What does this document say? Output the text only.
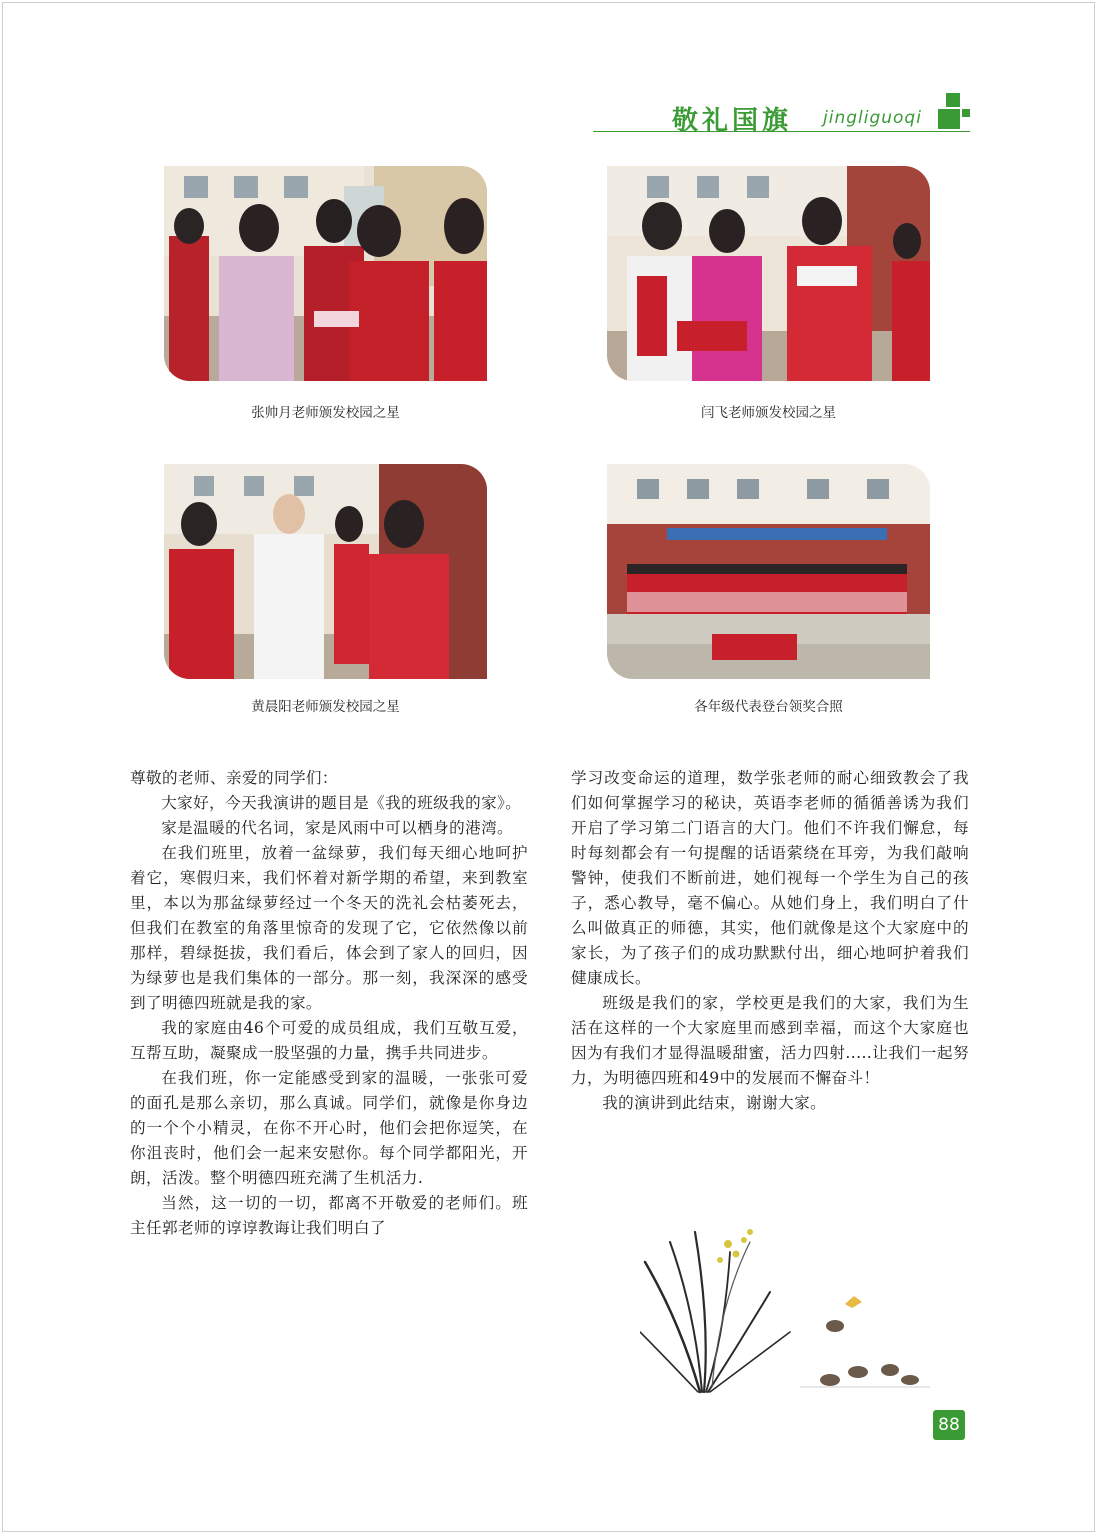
敬礼国旗 jingliguoqi
张帅月老师颁发校园之星	闫飞老师颁发校园之星
黄晨阳老师颁发校园之星	各年级代表登台领奖合照

尊敬的老师、亲爱的同学们：

大家好，今天我演讲的题目是《我的班级我的家》。

家是温暖的代名词，家是风雨中可以栖身的港湾。

在我们班里，放着一盆绿萝，我们每天细心地呵护着它，寒假归来，我们怀着对新学期的希望，来到教室里，本以为那盆绿萝经过一个冬天的洗礼会枯萎死去，但我们在教室的角落里惊奇的发现了它，它依然像以前那样，碧绿挺拔，我们看后，体会到了家人的回归，因为绿萝也是我们集体的一部分。那一刻，我深深的感受到了明德四班就是我的家。

我的家庭由46个可爱的成员组成，我们互敬互爱，互帮互助，凝聚成一股坚强的力量，携手共同进步。

在我们班，你一定能感受到家的温暖，一张张可爱的面孔是那么亲切，那么真诚。同学们，就像是你身边的一个个小精灵，在你不开心时，他们会把你逗笑，在你沮丧时，他们会一起来安慰你。每个同学都阳光，开朗，活泼。整个明德四班充满了生机活力.

当然，这一切的一切，都离不开敬爱的老师们。班主任郭老师的谆谆教诲让我们明白了

学习改变命运的道理，数学张老师的耐心细致教会了我们如何掌握学习的秘诀，英语李老师的循循善诱为我们开启了学习第二门语言的大门。他们不许我们懈怠，每时每刻都会有一句提醒的话语萦绕在耳旁，为我们敲响警钟，使我们不断前进，她们视每一个学生为自己的孩子，悉心教导，毫不偏心。从她们身上，我们明白了什么叫做真正的师德，其实，他们就像是这个大家庭中的家长，为了孩子们的成功默默付出，细心地呵护着我们健康成长。

班级是我们的家，学校更是我们的大家，我们为生活在这样的一个大家庭里而感到幸福，而这个大家庭也因为有我们才显得温暖甜蜜，活力四射.....让我们一起努力，为明德四班和49中的发展而不懈奋斗！

我的演讲到此结束，谢谢大家。

88
